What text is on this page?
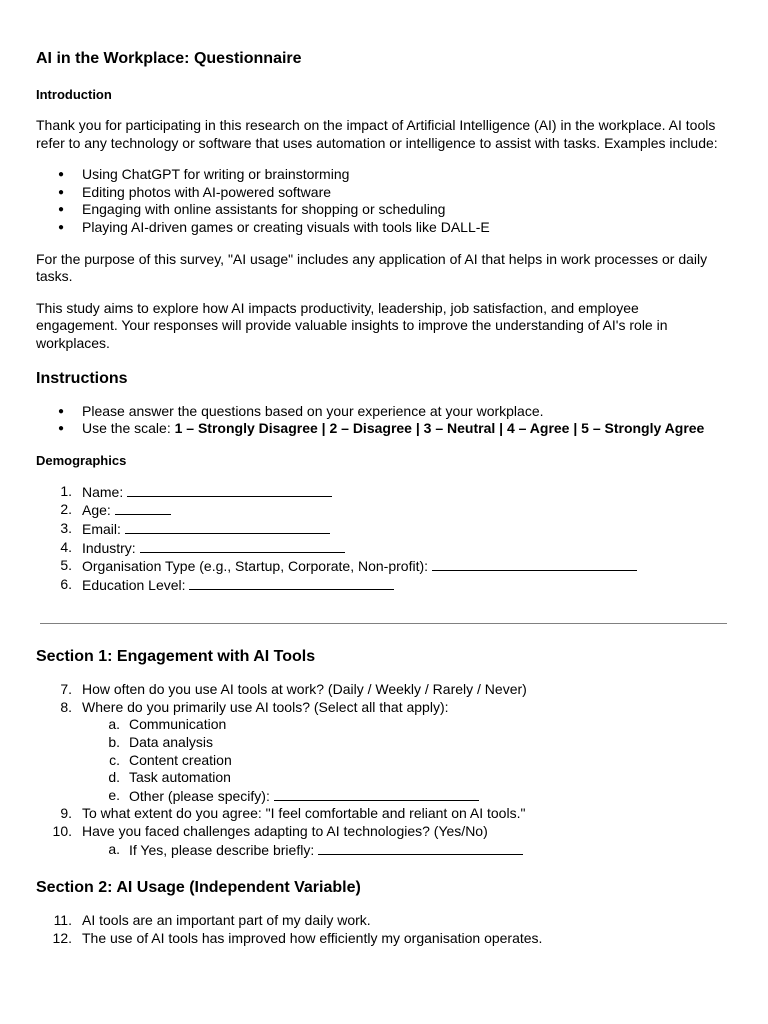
AI in the Workplace: Questionnaire
Introduction

Thank you for participating in this research on the impact of Artificial Intelligence (AI) in the workplace. AI tools
refer to any technology or software that uses automation or intelligence to assist with tasks. Examples include:

● Using ChatGPT for writing or brainstorming
● Editing photos with AI-powered software
● Engaging with online assistants for shopping or scheduling
● Playing AI-driven games or creating visuals with tools like DALL-E

For the purpose of this survey, "AI usage" includes any application of AI that helps in work processes or daily
tasks.

This study aims to explore how AI impacts productivity, leadership, job satisfaction, and employee
engagement. Your responses will provide valuable insights to improve the understanding of AI's role in
workplaces.

Instructions
● Please answer the questions based on your experience at your workplace.
● Use the scale: 1 – Strongly Disagree | 2 – Disagree | 3 – Neutral | 4 – Agree | 5 – Strongly Agree
Demographics
1. Name:
2. Age:
3. Email:
4. Industry:
5. Organisation Type (e.g., Startup, Corporate, Non-profit):
6. Education Level:
Section 1: Engagement with AI Tools
7. How often do you use AI tools at work? (Daily / Weekly / Rarely / Never)
8. Where do you primarily use AI tools? (Select all that apply):
a. Communication
b. Data analysis
c. Content creation
d. Task automation
e. Other (please specify):
9. To what extent do you agree: "I feel comfortable and reliant on AI tools."
10. Have you faced challenges adapting to AI technologies? (Yes/No)
a. If Yes, please describe briefly:
Section 2: AI Usage (Independent Variable)
11. AI tools are an important part of my daily work.
12. The use of AI tools has improved how efficiently my organisation operates.
